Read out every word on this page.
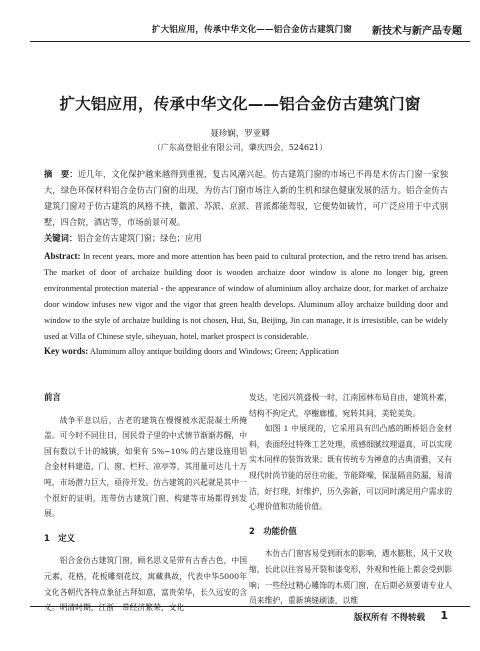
扩大铝应用，传承中华文化——铝合金仿古建筑门窗 新技术与新产品专题
扩大铝应用，传承中华文化——铝合金仿古建筑门窗
聂珍娴，罗亚卿
（广东高登铝业有限公司，肇庆四会，524621）
摘　要：近几年，文化保护越来越得到重视，复古风潮兴起。仿古建筑门窗的市场已不再是木仿古门窗一家独大，绿色环保材料铝合金仿古门窗的出现，为仿古门窗市场注入新的生机和绿色健康发展的活力。铝合金仿古建筑门窗对于仿古建筑的风格不挑，徽派、苏派、京派、晋派都能驾驭，它便势如破竹，可广泛应用于中式别墅，四合院，酒店等，市场前景可观。
关键词：铝合金仿古建筑门窗；绿色；应用
Abstract: In recent years, more and more attention has been paid to cultural protection, and the retro trend has arisen. The market of door of archaize building door is wooden archaize door window is alone no longer big, green environmental protection material - the appearance of window of aluminium alloy archaize door, for market of archaize door window infuses new vigor and the vigor that green health develops. Aluminum alloy archaize building door and window to the style of archaize building is not chosen, Hui, Su, Beijing, Jin can manage, it is irresistible, can be widely used at Villa of Chinese style, siheyuan, hotel, market prospect is considerable.
Key words: Aluminum alloy antique building doors and Windows; Green; Application
前言

战争平息以后，古老的建筑在慢慢被水泥混凝土所掩盖。可今时不同往日，国民骨子里的中式情节渐渐苏醒，中国有数以千计的城镇，如果有 5%~10% 的古建设施用铝合金材料建造，门、窗、栏杆、凉亭等，其用量可达几十万吨，市场潜力巨大，亟待开发。仿古建筑的兴起就是其中一个很好的证明，连带仿古建筑门窗、构建等市场都得到发展。

1　定义

铝合金仿古建筑门窗，顾名思义是带有古香古色，中国元素，花格，花板雕刻花纹，寓藏典故，代表中华5000年文化各朝代各特点象征古拜如意，富贵荣华，长久远安的含义。明清时期，江浙一带经济繁荣，文化

发达，宅园兴筑盛极一时，江南园林布局自由，建筑朴素，结构不拘定式，亭榭廊槛，宛转其间，美轮美奂。

如图 1 中展现的，它采用具有凹凸感的断桥铝合金材料，表面经过特殊工艺处理，质感细腻纹理逼真，可以实现实木同样的装饰效果；既有传统专为禅意的古典清雅，又有现代时尚节能的居住功能，节能降噪，保温隔音防漏，易清洁，好打理，好维护，历久弥新，可以同时满足用户需求的心理价值和功能价值。

2　功能价值

木仿古门窗容易受到雨水的影响，遇水膨胀，风干又收缩，长此以往容易开裂和漆变形，外观和性能上都会受到影响；一些经过精心雕饰的木质门窗，在后期必须要请专业人员来维护，重新填缝刷漆，以维

版权所有 不得转载 1
